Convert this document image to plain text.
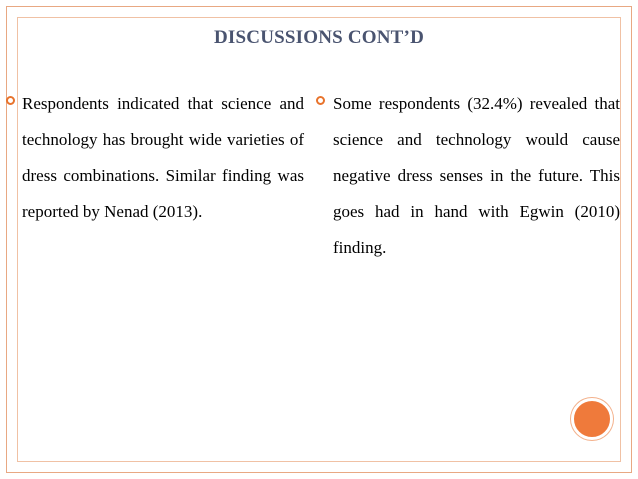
DISCUSSIONS CONT’D
Respondents indicated that science and technology has brought wide varieties of dress combinations. Similar finding was reported by Nenad (2013).
Some respondents (32.4%) revealed that science and technology would cause negative dress senses in the future. This goes had in hand with Egwin (2010) finding.
